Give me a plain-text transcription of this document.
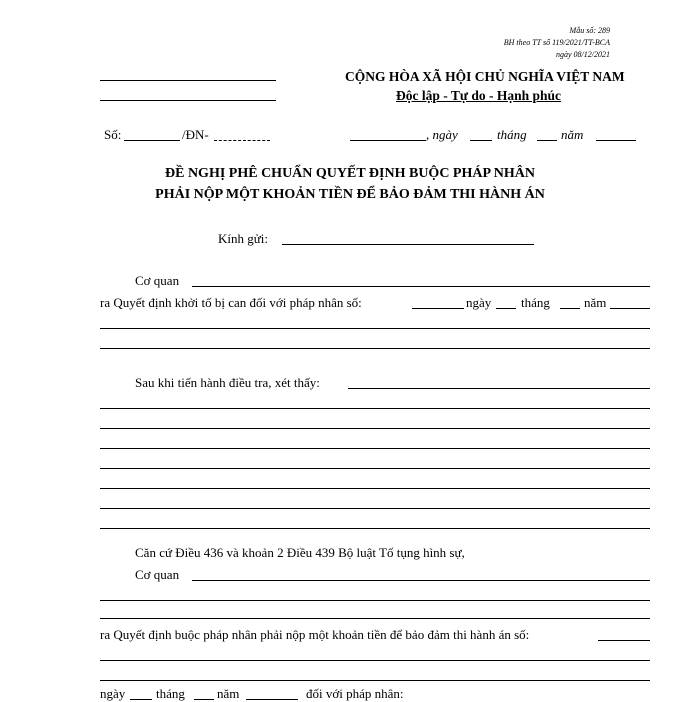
Mẫu số: 289
BH theo TT số 119/2021/TT-BCA
ngày 08/12/2021
CỘNG HÒA XÃ HỘI CHỦ NGHĨA VIỆT NAM
Độc lập - Tự do - Hạnh phúc
Số:	/ĐN-	, ngày	tháng	năm
ĐỀ NGHỊ PHÊ CHUẨN QUYẾT ĐỊNH BUỘC PHÁP NHÂN
PHẢI NỘP MỘT KHOẢN TIỀN ĐỂ BẢO ĐẢM THI HÀNH ÁN
Kính gửi:
Cơ quan
ra Quyết định khởi tố bị can đối với pháp nhân số:	ngày tháng	năm
Sau khi tiến hành điều tra, xét thấy:
Căn cứ Điều 436 và khoản 2 Điều 439 Bộ luật Tố tụng hình sự,
Cơ quan
ra Quyết định buộc pháp nhân phải nộp một khoản tiền để bảo đảm thi hành án số:
ngày tháng năm	đối với pháp nhân:
